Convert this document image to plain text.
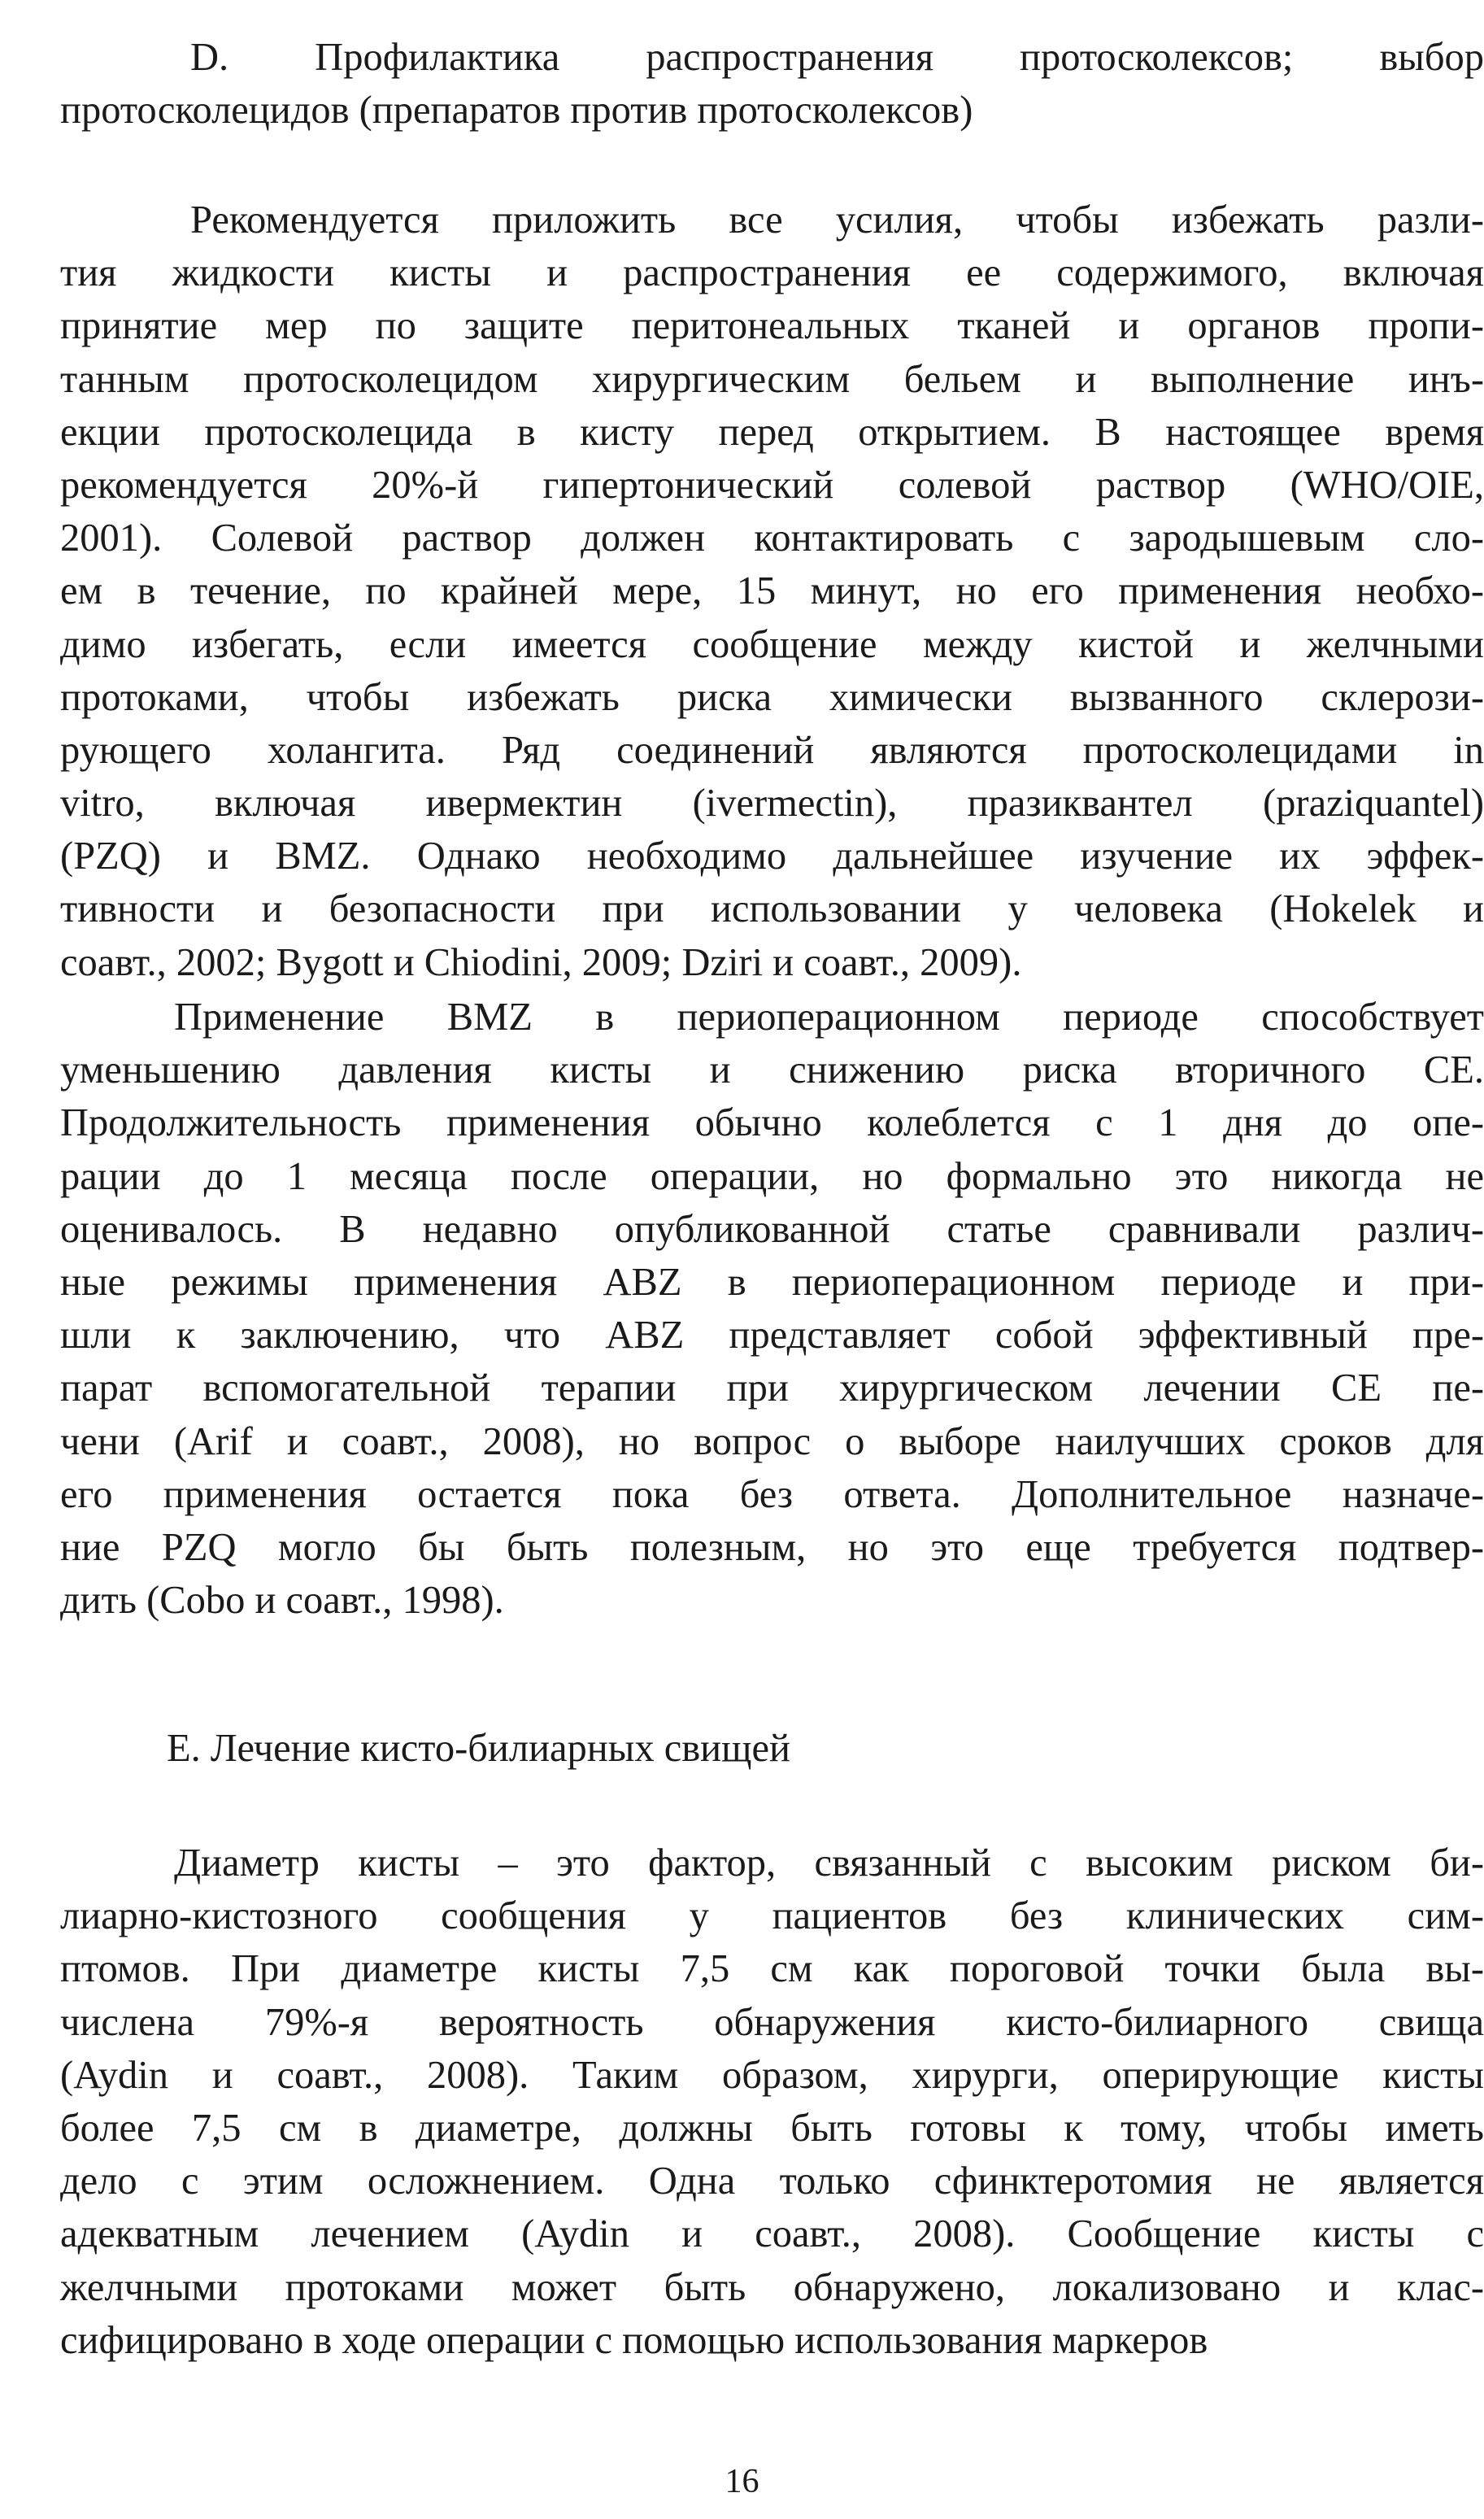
D. Профилактика распространения протосколексов; выбор
протосколецидов (препаратов против протосколексов)
Рекомендуется приложить все усилия, чтобы избежать разли-
тия жидкости кисты и распространения ее содержимого, включая
принятие мер по защите перитонеальных тканей и органов пропи-
танным протосколецидом хирургическим бельем и выполнение инъ-
екции протосколецида в кисту перед открытием. В настоящее время
рекомендуется 20%-й гипертонический солевой раствор (WHO/OIE,
2001). Солевой раствор должен контактировать с зародышевым сло-
ем в течение, по крайней мере, 15 минут, но его применения необхо-
димо избегать, если имеется сообщение между кистой и желчными
протоками, чтобы избежать риска химически вызванного склерози-
рующего холангита. Ряд соединений являются протосколецидами in
vitro, включая ивермектин (ivermectin), празиквантел (praziquantel)
(PZQ) и BMZ. Однако необходимо дальнейшее изучение их эффек-
тивности и безопасности при использовании у человека (Hokelek и
соавт., 2002; Bygott и Chiodini, 2009; Dziri и соавт., 2009).
Применение BMZ в периоперационном периоде способствует
уменьшению давления кисты и снижению риска вторичного CE.
Продолжительность применения обычно колеблется с 1 дня до опе-
рации до 1 месяца после операции, но формально это никогда не
оценивалось. В недавно опубликованной статье сравнивали различ-
ные режимы применения ABZ в периоперационном периоде и при-
шли к заключению, что ABZ представляет собой эффективный пре-
парат вспомогательной терапии при хирургическом лечении CE пе-
чени (Arif и соавт., 2008), но вопрос о выборе наилучших сроков для
его применения остается пока без ответа. Дополнительное назначе-
ние PZQ могло бы быть полезным, но это еще требуется подтвер-
дить (Cobo и соавт., 1998).
E. Лечение кисто-билиарных свищей
Диаметр кисты – это фактор, связанный с высоким риском би-
лиарно-кистозного сообщения у пациентов без клинических сим-
птомов. При диаметре кисты 7,5 см как пороговой точки была вы-
числена 79%-я вероятность обнаружения кисто-билиарного свища
(Aydin и соавт., 2008). Таким образом, хирурги, оперирующие кисты
более 7,5 см в диаметре, должны быть готовы к тому, чтобы иметь
дело с этим осложнением. Одна только сфинктеротомия не является
адекватным лечением (Aydin и соавт., 2008). Сообщение кисты с
желчными протоками может быть обнаружено, локализовано и клас-
сифицировано в ходе операции с помощью использования маркеров
16
